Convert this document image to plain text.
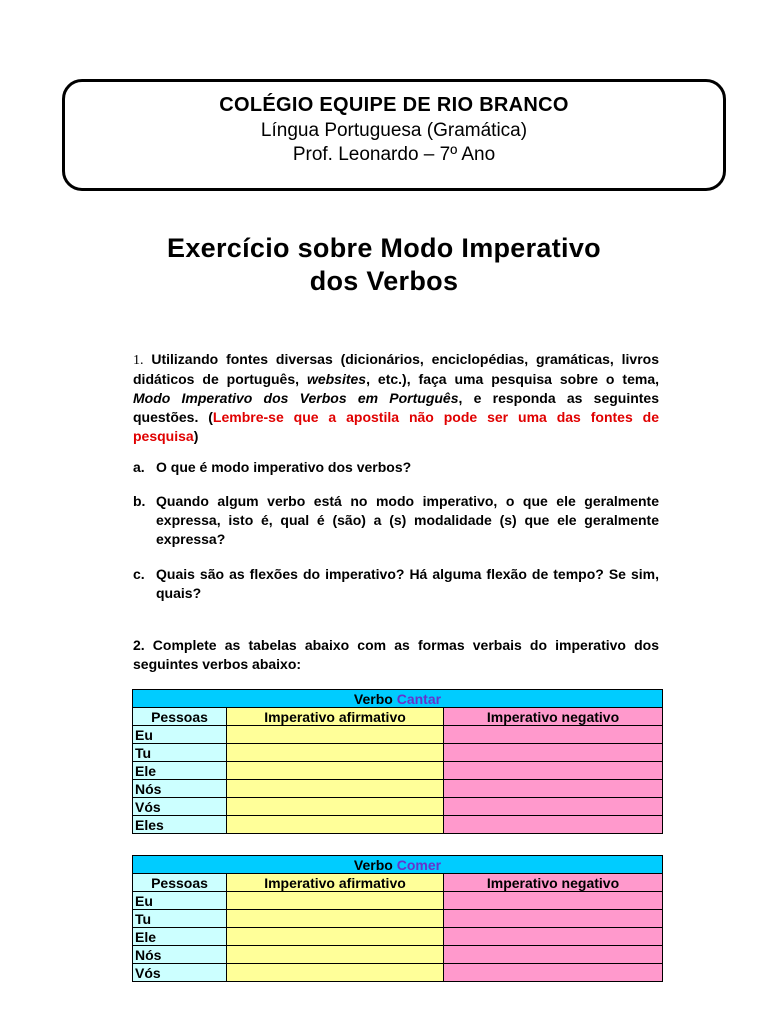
COLÉGIO EQUIPE DE RIO BRANCO
Língua Portuguesa (Gramática)
Prof. Leonardo – 7º Ano
Exercício sobre Modo Imperativo
dos Verbos
1. Utilizando fontes diversas (dicionários, enciclopédias, gramáticas, livros didáticos de português, websites, etc.), faça uma pesquisa sobre o tema, Modo Imperativo dos Verbos em Português, e responda as seguintes questões. (Lembre-se que a apostila não pode ser uma das fontes de pesquisa)
a. O que é modo imperativo dos verbos?
b. Quando algum verbo está no modo imperativo, o que ele geralmente expressa, isto é, qual é (são) a (s) modalidade (s) que ele geralmente expressa?
c. Quais são as flexões do imperativo? Há alguma flexão de tempo? Se sim, quais?
2. Complete as tabelas abaixo com as formas verbais do imperativo dos seguintes verbos abaixo:
Verbo Cantar		
Pessoas	Imperativo afirmativo	Imperativo negativo
Eu		
Tu		
Ele		
Nós		
Vós		
Eles		
Verbo Comer		
Pessoas	Imperativo afirmativo	Imperativo negativo
Eu		
Tu		
Ele		
Nós		
Vós		
